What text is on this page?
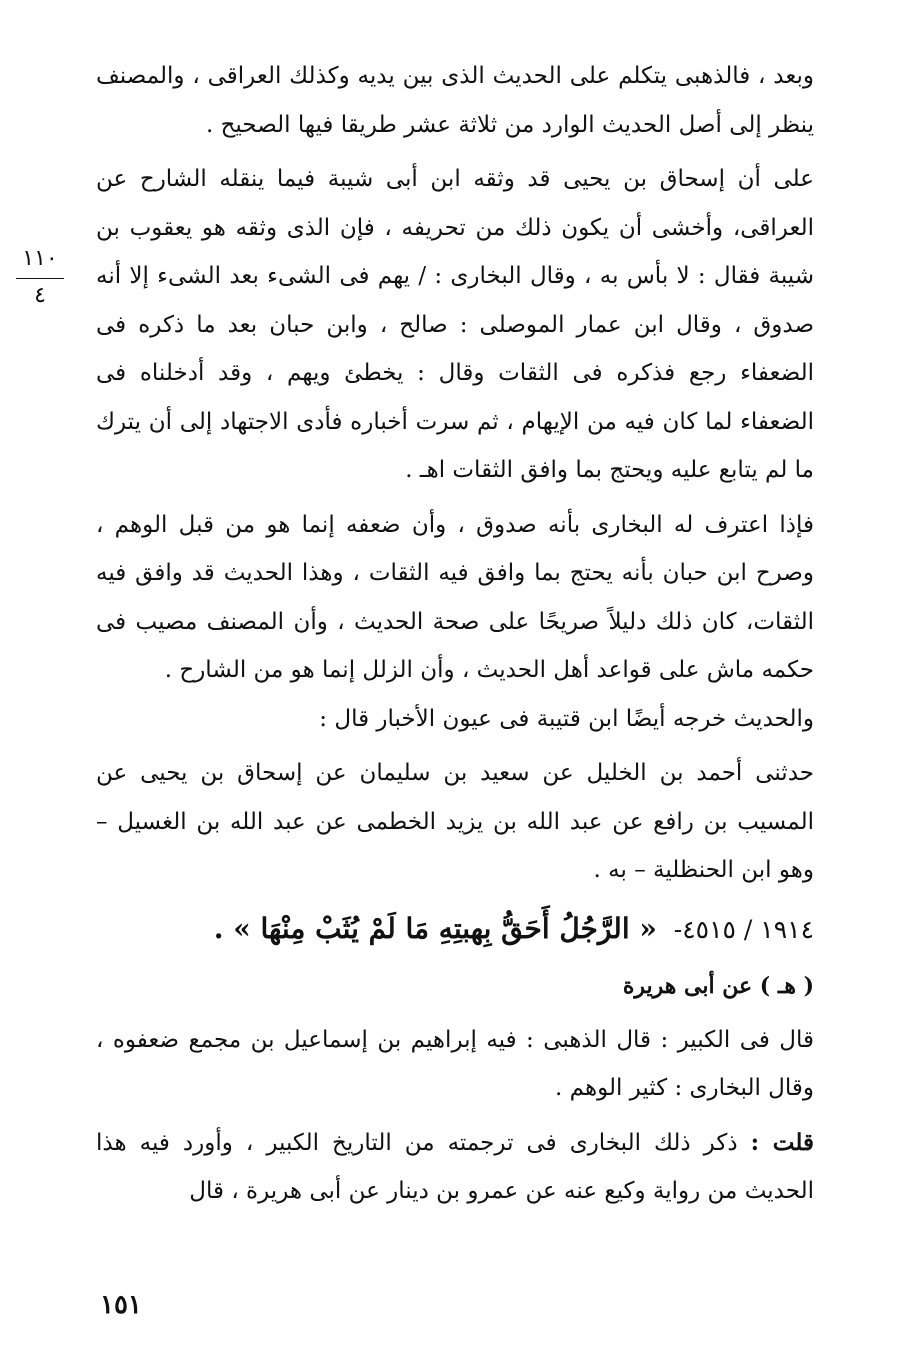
١١٠
٤

وبعد ، فالذهبى يتكلم على الحديث الذى بين يديه وكذلك العراقى ، والمصنف ينظر إلى أصل الحديث الوارد من ثلاثة عشر طريقا فيها الصحيح .

على أن إسحاق بن يحيى قد وثقه ابن أبى شيبة فيما ينقله الشارح عن العراقى، وأخشى أن يكون ذلك من تحريفه ، فإن الذى وثقه هو يعقوب بن شيبة فقال : لا بأس به ، وقال البخارى : / يهم فى الشىء بعد الشىء إلا أنه صدوق ، وقال ابن عمار الموصلى : صالح ، وابن حبان بعد ما ذكره فى الضعفاء رجع فذكره فى الثقات وقال : يخطئ ويهم ، وقد أدخلناه فى الضعفاء لما كان فيه من الإيهام ، ثم سرت أخباره فأدى الاجتهاد إلى أن يترك ما لم يتابع عليه ويحتج بما وافق الثقات اهـ .

فإذا اعترف له البخارى بأنه صدوق ، وأن ضعفه إنما هو من قبل الوهم ، وصرح ابن حبان بأنه يحتج بما وافق فيه الثقات ، وهذا الحديث قد وافق فيه الثقات، كان ذلك دليلاً صريحًا على صحة الحديث ، وأن المصنف مصيب فى حكمه ماش على قواعد أهل الحديث ، وأن الزلل إنما هو من الشارح .

والحديث خرجه أيضًا ابن قتيبة فى عيون الأخبار قال :

حدثنى أحمد بن الخليل عن سعيد بن سليمان عن إسحاق بن يحيى عن المسيب بن رافع عن عبد الله بن يزيد الخطمى عن عبد الله بن الغسيل – وهو ابن الحنظلية – به .

١٩١٤ / ٤٥١٥- « الرَّجُلُ أَحَقُّ بِهبتِهِ مَا لَمْ يُثَبْ مِنْهَا » .

( هـ ) عن أبى هريرة

قال فى الكبير : قال الذهبى : فيه إبراهيم بن إسماعيل بن مجمع ضعفوه ، وقال البخارى : كثير الوهم .

قلت : ذكر ذلك البخارى فى ترجمته من التاريخ الكبير ، وأورد فيه هذا الحديث من رواية وكيع عنه عن عمرو بن دينار عن أبى هريرة ، قال

١٥١
